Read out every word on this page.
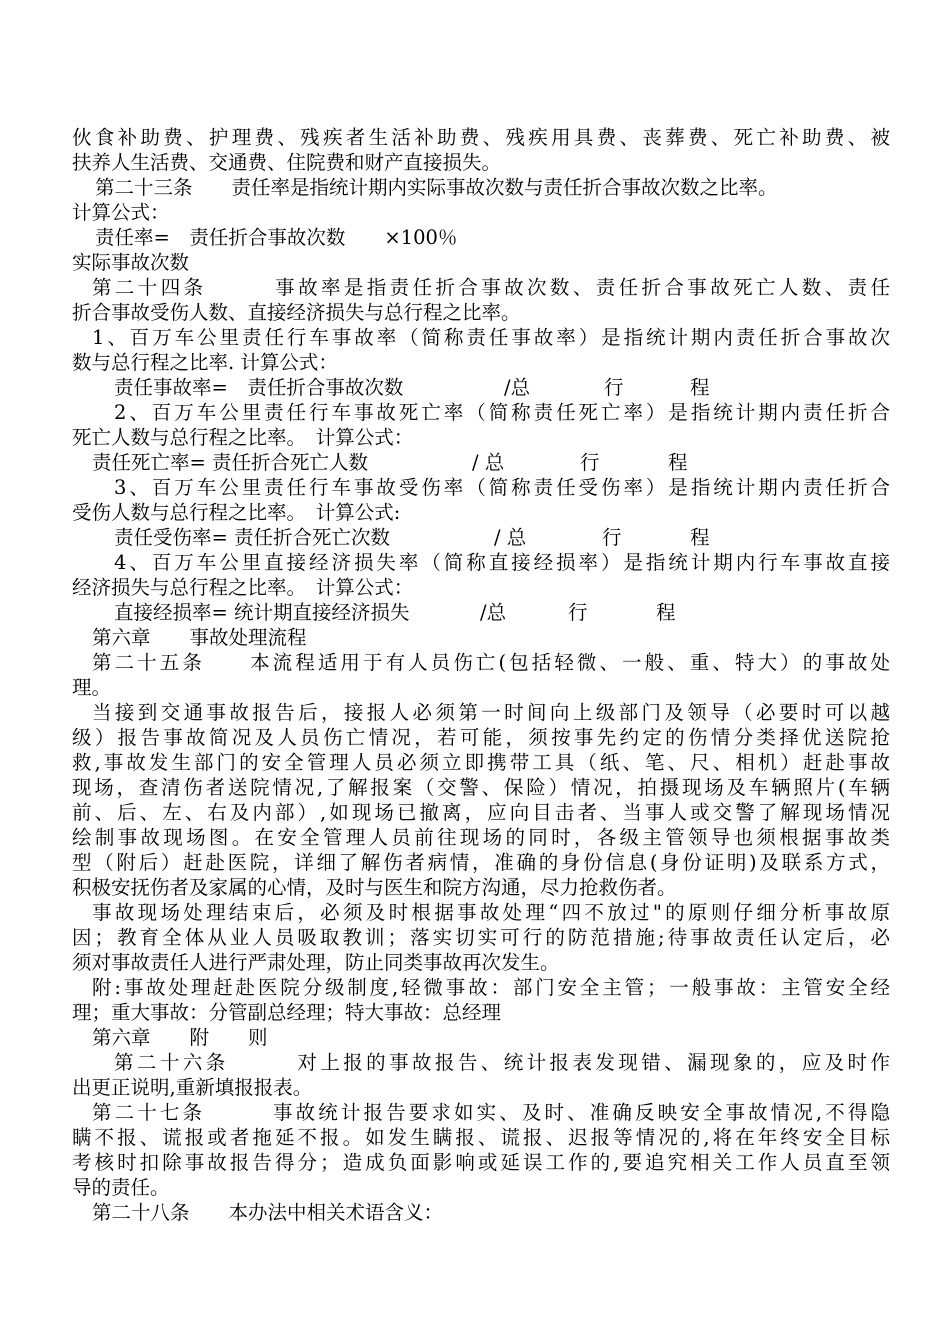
伙食补助费、护理费、残疾者生活补助费、残疾用具费、丧葬费、死亡补助费、被
扶养人生活费、交通费、住院费和财产直接损失。
第二十三条　　责任率是指统计期内实际事故次数与责任折合事故次数之比率。
计算公式：
责任率=　责任折合事故次数　　×100％
实际事故次数
第二十四条　　　事故率是指责任折合事故次数、责任折合事故死亡人数、责任
折合事故受伤人数、直接经济损失与总行程之比率。
1、百万车公里责任行车事故率（简称责任事故率）是指统计期内责任折合事故次
数与总行程之比率. 计算公式：
责任事故率=　责任折合事故次数	/总	行	程
2、百万车公里责任行车事故死亡率（简称责任死亡率）是指统计期内责任折合
死亡人数与总行程之比率。　计算公式：
责任死亡率= 责任折合死亡人数	/ 总	行	程
3、百万车公里责任行车事故受伤率（简称责任受伤率）是指统计期内责任折合
受伤人数与总行程之比率。　计算公式:
责任受伤率= 责任折合死亡次数	/ 总	行	程
4、百万车公里直接经济损失率（简称直接经损率）是指统计期内行车事故直接
经济损失与总行程之比率。　计算公式：
直接经损率= 统计期直接经济损失	/总	行	程
第六章　　事故处理流程
第二十五条　　本流程适用于有人员伤亡(包括轻微、一般、重、特大）的事故处
理。
当接到交通事故报告后，接报人必须第一时间向上级部门及领导（必要时可以越
级）报告事故简况及人员伤亡情况，若可能，须按事先约定的伤情分类择优送院抢
救,事故发生部门的安全管理人员必须立即携带工具（纸、笔、尺、相机）赶赴事故
现场，查清伤者送院情况,了解报案（交警、保险）情况，拍摄现场及车辆照片(车辆
前、后、左、右及内部）,如现场已撤离，应向目击者、当事人或交警了解现场情况
绘制事故现场图。在安全管理人员前往现场的同时，各级主管领导也须根据事故类
型（附后）赶赴医院，详细了解伤者病情，准确的身份信息(身份证明)及联系方式，
积极安抚伤者及家属的心情，及时与医生和院方沟通，尽力抢救伤者。
事故现场处理结束后，必须及时根据事故处理“四不放过"的原则仔细分析事故原
因；教育全体从业人员吸取教训；落实切实可行的防范措施;待事故责任认定后，必
须对事故责任人进行严肃处理，防止同类事故再次发生。
附:事故处理赶赴医院分级制度,轻微事故：部门安全主管；一般事故：主管安全经
理；重大事故：分管副总经理；特大事故：总经理
第六章　　附　　则
第二十六条　　　对上报的事故报告、统计报表发现错、漏现象的，应及时作
出更正说明,重新填报报表。
第二十七条　　　事故统计报告要求如实、及时、准确反映安全事故情况,不得隐
瞒不报、谎报或者拖延不报。如发生瞒报、谎报、迟报等情况的,将在年终安全目标
考核时扣除事故报告得分；造成负面影响或延误工作的,要追究相关工作人员直至领
导的责任。
第二十八条　　本办法中相关术语含义：
